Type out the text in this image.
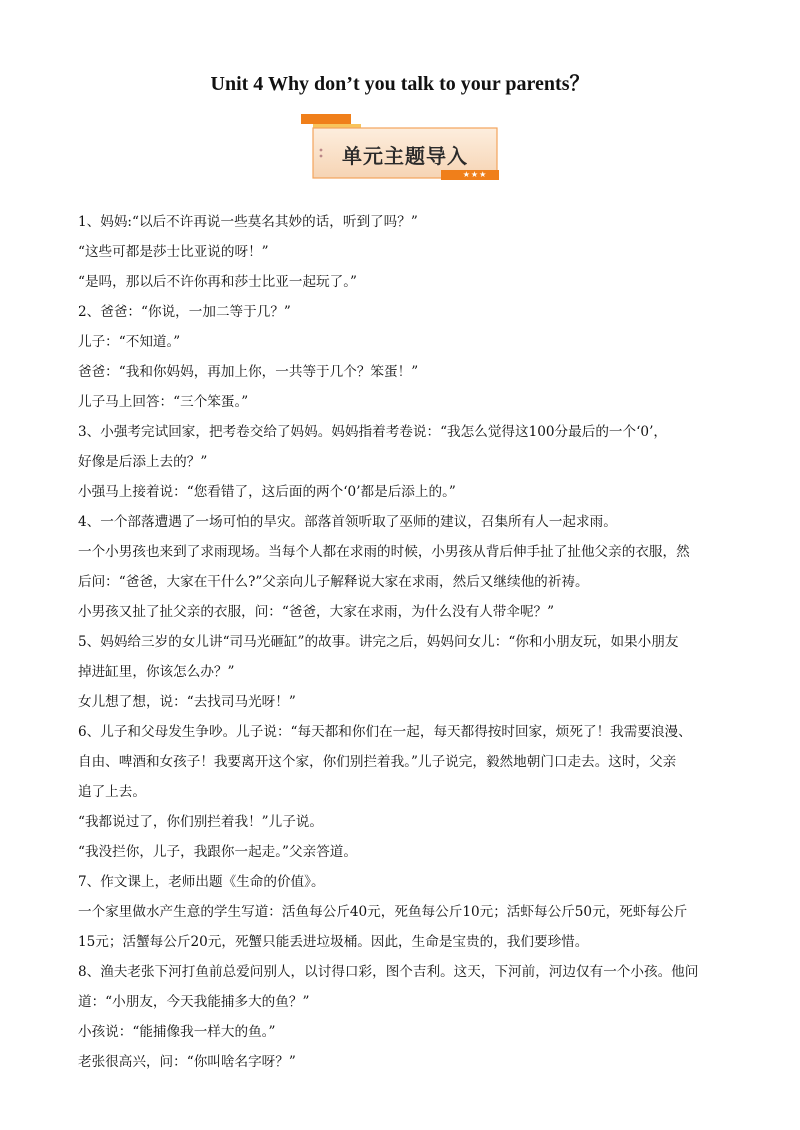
Unit 4 Why don’t you talk to your parents？
单元主题导入
★★★

1、妈妈:“以后不许再说一些莫名其妙的话，听到了吗？”

“这些可都是莎士比亚说的呀！”

“是吗，那以后不许你再和莎士比亚一起玩了。”

2、爸爸：“你说，一加二等于几？”

儿子：“不知道。”

爸爸：“我和你妈妈，再加上你，一共等于几个？笨蛋！”

儿子马上回答：“三个笨蛋。”

3、小强考完试回家，把考卷交给了妈妈。妈妈指着考卷说：“我怎么觉得这100分最后的一个‘0’，

好像是后添上去的？”

小强马上接着说：“您看错了，这后面的两个‘0’都是后添上的。”

4、一个部落遭遇了一场可怕的旱灾。部落首领听取了巫师的建议，召集所有人一起求雨。

一个小男孩也来到了求雨现场。当每个人都在求雨的时候，小男孩从背后伸手扯了扯他父亲的衣服，然

后问：“爸爸，大家在干什么?”父亲向儿子解释说大家在求雨，然后又继续他的祈祷。

小男孩又扯了扯父亲的衣服，问：“爸爸，大家在求雨，为什么没有人带伞呢？”

5、妈妈给三岁的女儿讲“司马光砸缸”的故事。讲完之后，妈妈问女儿：“你和小朋友玩，如果小朋友

掉进缸里，你该怎么办？”

女儿想了想，说：“去找司马光呀！”

6、儿子和父母发生争吵。儿子说：“每天都和你们在一起，每天都得按时回家，烦死了！我需要浪漫、

自由、啤酒和女孩子！我要离开这个家，你们别拦着我。”儿子说完，毅然地朝门口走去。这时，父亲

追了上去。

“我都说过了，你们别拦着我！”儿子说。

“我没拦你，儿子，我跟你一起走。”父亲答道。

7、作文课上，老师出题《生命的价值》。

一个家里做水产生意的学生写道：活鱼每公斤40元，死鱼每公斤10元；活虾每公斤50元，死虾每公斤

15元；活蟹每公斤20元，死蟹只能丢进垃圾桶。因此，生命是宝贵的，我们要珍惜。

8、渔夫老张下河打鱼前总爱问别人，以讨得口彩，图个吉利。这天，下河前，河边仅有一个小孩。他问

道：“小朋友，今天我能捕多大的鱼？”

小孩说：“能捕像我一样大的鱼。”

老张很高兴，问：“你叫啥名字呀？”
